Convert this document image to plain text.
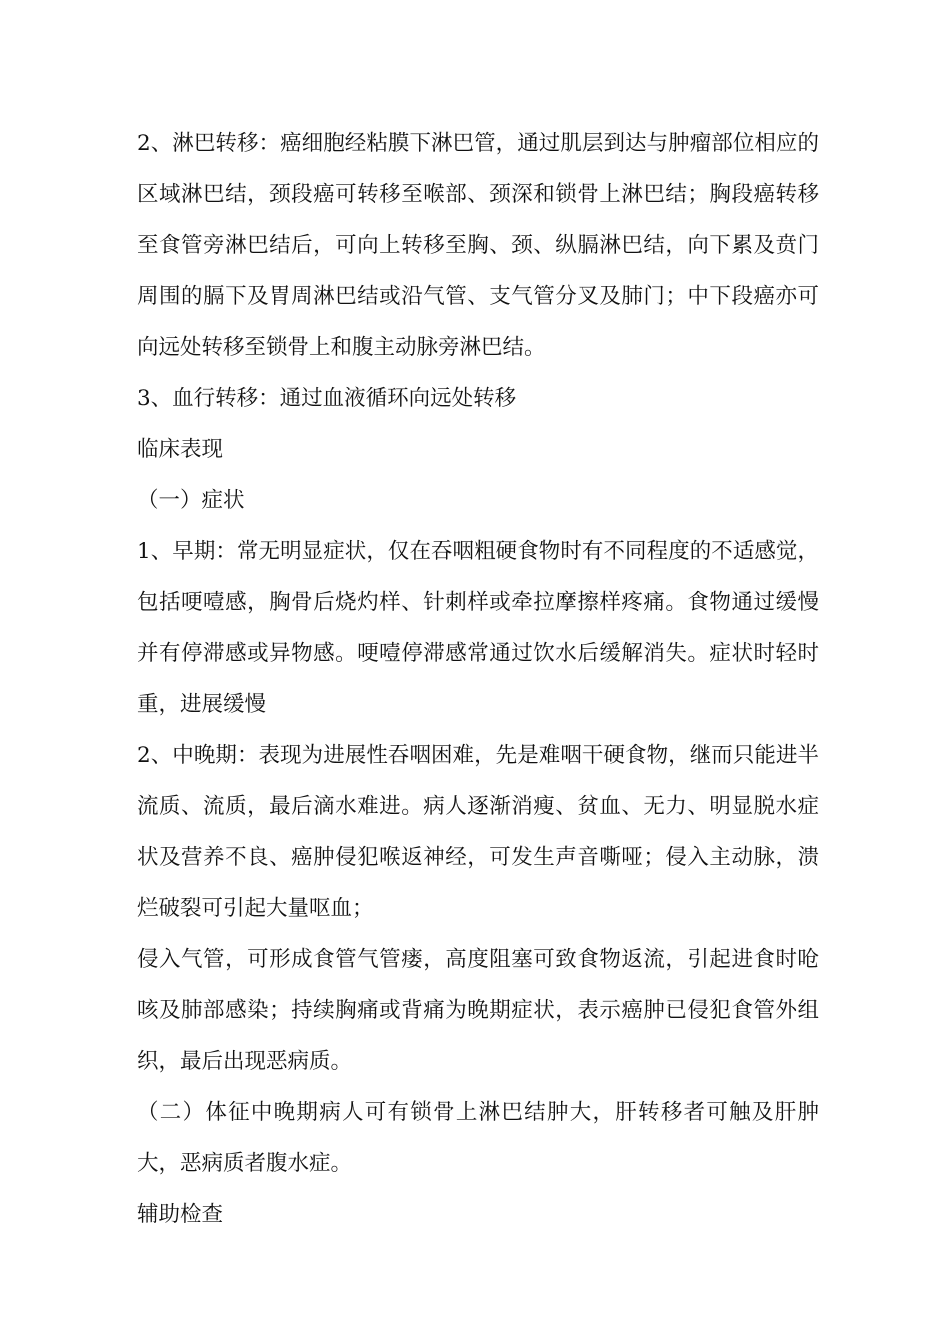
2、淋巴转移：癌细胞经粘膜下淋巴管，通过肌层到达与肿瘤部位相应的区域淋巴结，颈段癌可转移至喉部、颈深和锁骨上淋巴结；胸段癌转移至食管旁淋巴结后，可向上转移至胸、颈、纵膈淋巴结，向下累及贲门周围的膈下及胃周淋巴结或沿气管、支气管分叉及肺门；中下段癌亦可向远处转移至锁骨上和腹主动脉旁淋巴结。

3、血行转移：通过血液循环向远处转移

临床表现

（一）症状

1、早期：常无明显症状，仅在吞咽粗硬食物时有不同程度的不适感觉，包括哽噎感，胸骨后烧灼样、针刺样或牵拉摩擦样疼痛。食物通过缓慢并有停滞感或异物感。哽噎停滞感常通过饮水后缓解消失。症状时轻时重，进展缓慢

2、中晚期：表现为进展性吞咽困难，先是难咽干硬食物，继而只能进半流质、流质，最后滴水难进。病人逐渐消瘦、贫血、无力、明显脱水症状及营养不良、癌肿侵犯喉返神经，可发生声音嘶哑；侵入主动脉，溃烂破裂可引起大量呕血；

侵入气管，可形成食管气管瘘，高度阻塞可致食物返流，引起进食时呛咳及肺部感染；持续胸痛或背痛为晚期症状，表示癌肿已侵犯食管外组织，最后出现恶病质。

（二）体征中晚期病人可有锁骨上淋巴结肿大，肝转移者可触及肝肿大，恶病质者腹水症。

辅助检查
